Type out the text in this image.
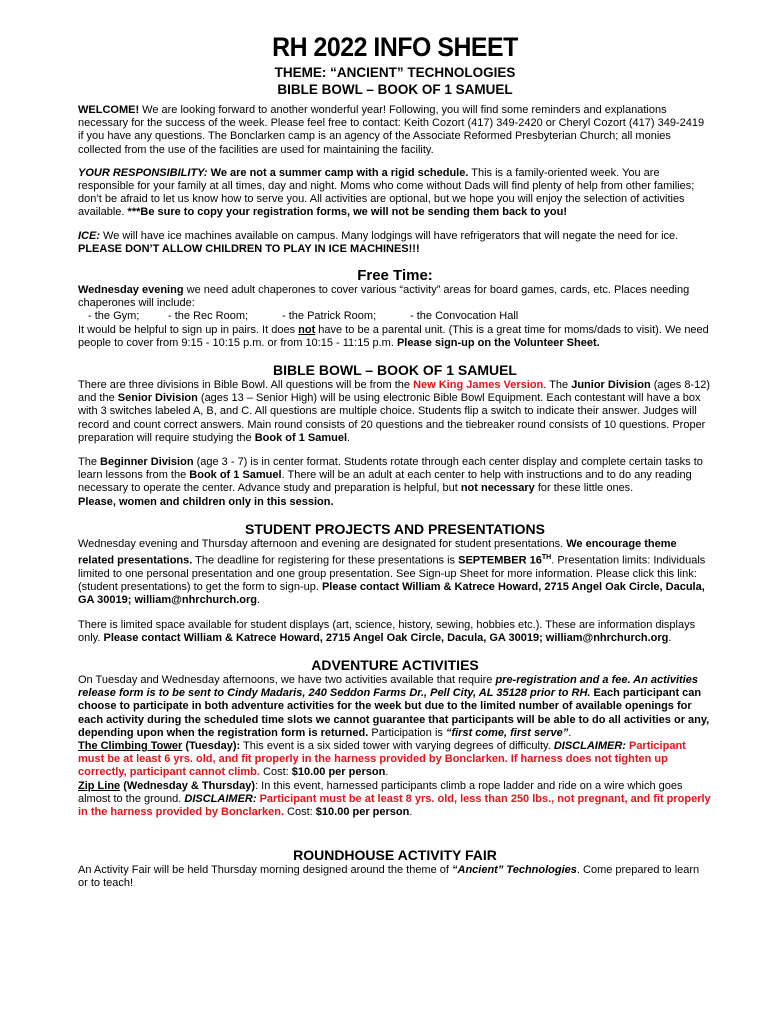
RH 2022 INFO SHEET
THEME: “ANCIENT” TECHNOLOGIES
BIBLE BOWL – BOOK OF 1 SAMUEL

WELCOME! We are looking forward to another wonderful year! Following, you will find some reminders and explanations necessary for the success of the week. Please feel free to contact: Keith Cozort (417) 349-2420 or Cheryl Cozort (417) 349-2419 if you have any questions. The Bonclarken camp is an agency of the Associate Reformed Presbyterian Church; all monies collected from the use of the facilities are used for maintaining the facility.

YOUR RESPONSIBILITY: We are not a summer camp with a rigid schedule. This is a family-oriented week. You are responsible for your family at all times, day and night. Moms who come without Dads will find plenty of help from other families; don’t be afraid to let us know how to serve you. All activities are optional, but we hope you will enjoy the selection of activities available. ***Be sure to copy your registration forms, we will not be sending them back to you!

ICE: We will have ice machines available on campus. Many lodgings will have refrigerators that will negate the need for ice.
PLEASE DON’T ALLOW CHILDREN TO PLAY IN ICE MACHINES!!!

Free Time:

Wednesday evening we need adult chaperones to cover various “activity” areas for board games, cards, etc. Places needing chaperones will include:

- the Gym;	- the Rec Room;	- the Patrick Room;	- the Convocation Hall

It would be helpful to sign up in pairs. It does not have to be a parental unit. (This is a great time for moms/dads to visit). We need people to cover from 9:15 - 10:15 p.m. or from 10:15 - 11:15 p.m. Please sign-up on the Volunteer Sheet.

BIBLE BOWL – BOOK OF 1 SAMUEL

There are three divisions in Bible Bowl. All questions will be from the New King James Version. The Junior Division (ages 8-12) and the Senior Division (ages 13 – Senior High) will be using electronic Bible Bowl Equipment. Each contestant will have a box with 3 switches labeled A, B, and C. All questions are multiple choice. Students flip a switch to indicate their answer. Judges will record and count correct answers. Main round consists of 20 questions and the tiebreaker round consists of 10 questions. Proper preparation will require studying the Book of 1 Samuel.

The Beginner Division (age 3 - 7) is in center format. Students rotate through each center display and complete certain tasks to learn lessons from the Book of 1 Samuel. There will be an adult at each center to help with instructions and to do any reading necessary to operate the center. Advance study and preparation is helpful, but not necessary for these little ones.
Please, women and children only in this session.

STUDENT PROJECTS AND PRESENTATIONS

Wednesday evening and Thursday afternoon and evening are designated for student presentations. We encourage theme related presentations. The deadline for registering for these presentations is SEPTEMBER 16TH. Presentation limits: Individuals limited to one personal presentation and one group presentation. See Sign-up Sheet for more information. Please click this link: (student presentations) to get the form to sign-up. Please contact William & Katrece Howard, 2715 Angel Oak Circle, Dacula, GA 30019; william@nhrchurch.org.

There is limited space available for student displays (art, science, history, sewing, hobbies etc.). These are information displays only. Please contact William & Katrece Howard, 2715 Angel Oak Circle, Dacula, GA 30019; william@nhrchurch.org.

ADVENTURE ACTIVITIES

On Tuesday and Wednesday afternoons, we have two activities available that require pre-registration and a fee. An activities release form is to be sent to Cindy Madaris, 240 Seddon Farms Dr., Pell City, AL 35128 prior to RH. Each participant can choose to participate in both adventure activities for the week but due to the limited number of available openings for each activity during the scheduled time slots we cannot guarantee that participants will be able to do all activities or any, depending upon when the registration form is returned. Participation is “first come, first serve”.

The Climbing Tower (Tuesday): This event is a six sided tower with varying degrees of difficulty. DISCLAIMER: Participant must be at least 6 yrs. old, and fit properly in the harness provided by Bonclarken. If harness does not tighten up correctly, participant cannot climb. Cost: $10.00 per person.

Zip Line (Wednesday & Thursday): In this event, harnessed participants climb a rope ladder and ride on a wire which goes almost to the ground. DISCLAIMER: Participant must be at least 8 yrs. old, less than 250 lbs., not pregnant, and fit properly in the harness provided by Bonclarken. Cost: $10.00 per person.

ROUNDHOUSE ACTIVITY FAIR

An Activity Fair will be held Thursday morning designed around the theme of “Ancient” Technologies. Come prepared to learn or to teach!
